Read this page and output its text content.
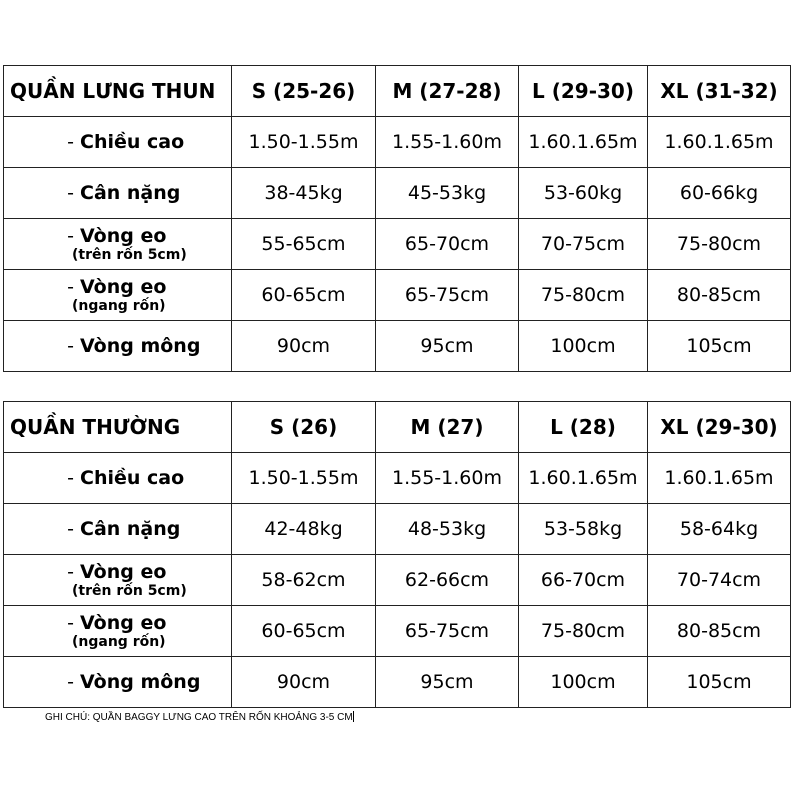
QUẦN LƯNG THUN	S (25-26)	M (27-28)	L (29-30)	XL (31-32)
- Chiều cao	1.50-1.55m	1.55-1.60m	1.60.1.65m	1.60.1.65m
- Cân nặng	38-45kg	45-53kg	53-60kg	60-66kg
- Vòng eo
(trên rốn 5cm)	55-65cm	65-70cm	70-75cm	75-80cm
- Vòng eo
(ngang rốn)	60-65cm	65-75cm	75-80cm	80-85cm
- Vòng mông	90cm	95cm	100cm	105cm
QUẦN THƯỜNG	S (26)	M (27)	L (28)	XL (29-30)
- Chiều cao	1.50-1.55m	1.55-1.60m	1.60.1.65m	1.60.1.65m
- Cân nặng	42-48kg	48-53kg	53-58kg	58-64kg
- Vòng eo
(trên rốn 5cm)	58-62cm	62-66cm	66-70cm	70-74cm
- Vòng eo
(ngang rốn)	60-65cm	65-75cm	75-80cm	80-85cm
- Vòng mông	90cm	95cm	100cm	105cm
GHI CHÚ: QUẦN BAGGY LƯNG CAO TRÊN RỐN KHOẢNG 3-5 CM
